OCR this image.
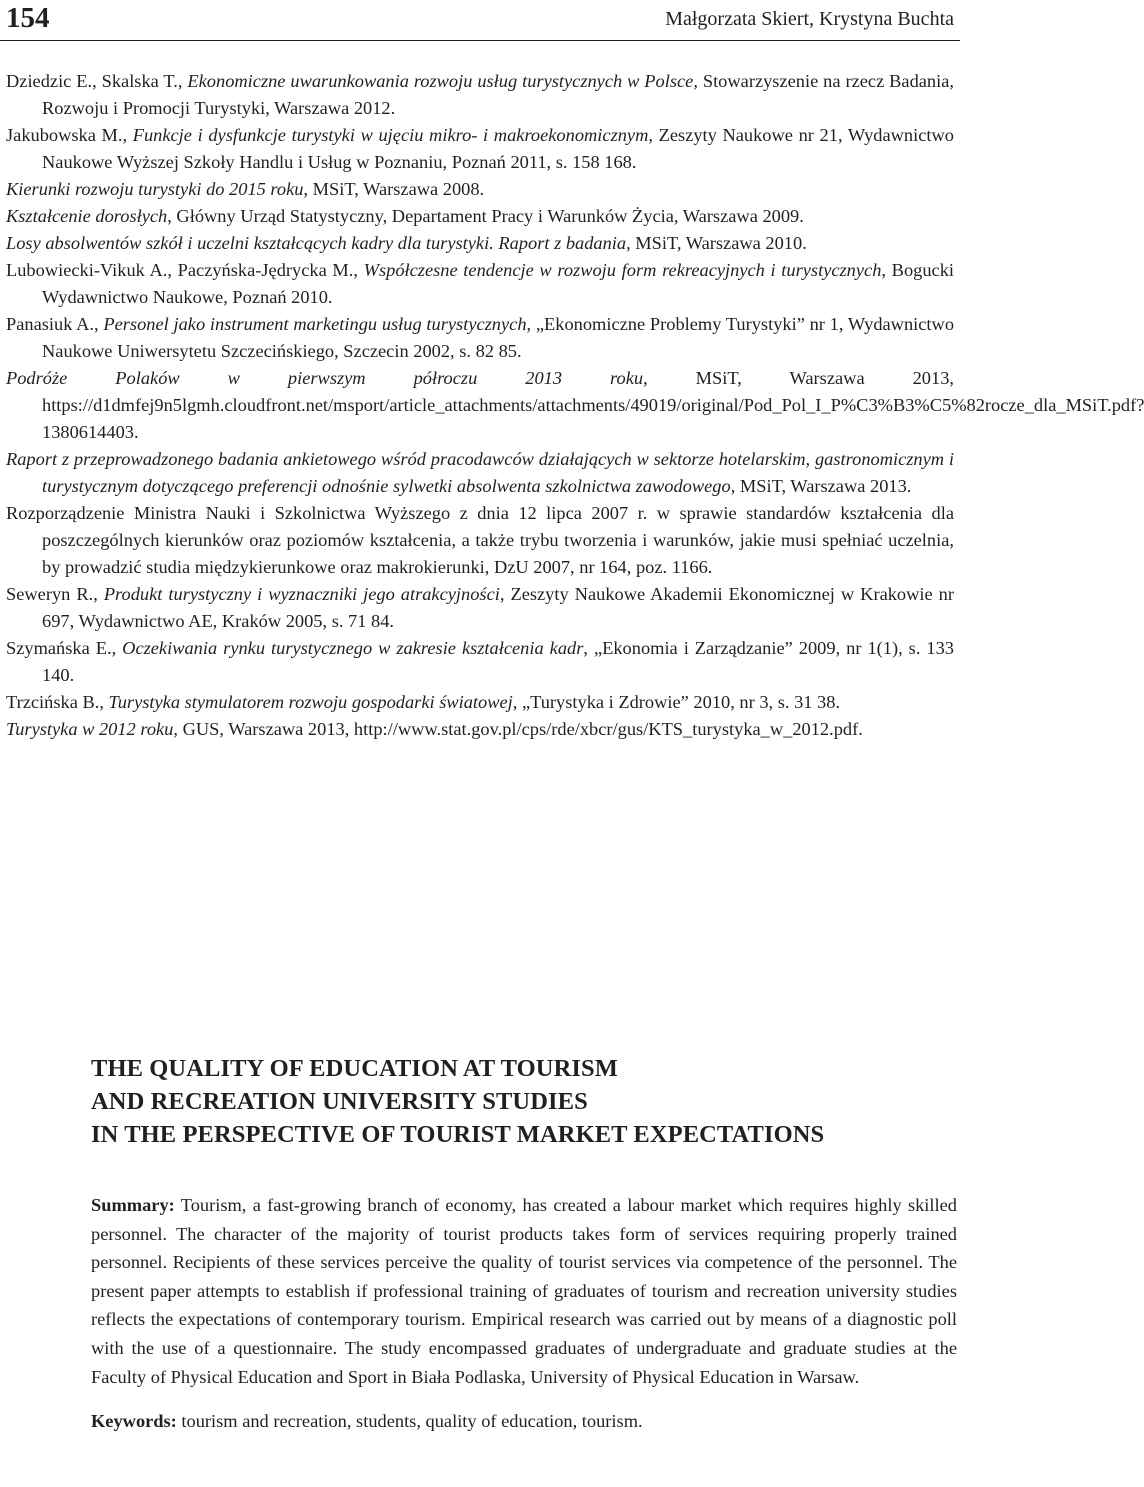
154	Małgorzata Skiert, Krystyna Buchta

Dziedzic E., Skalska T., Ekonomiczne uwarunkowania rozwoju usług turystycznych w Polsce, Stowarzyszenie na rzecz Badania, Rozwoju i Promocji Turystyki, Warszawa 2012.

Jakubowska M., Funkcje i dysfunkcje turystyki w ujęciu mikro- i makroekonomicznym, Zeszyty Naukowe nr 21, Wydawnictwo Naukowe Wyższej Szkoły Handlu i Usług w Poznaniu, Poznań 2011, s. 158 168.

Kierunki rozwoju turystyki do 2015 roku, MSiT, Warszawa 2008.

Kształcenie dorosłych, Główny Urząd Statystyczny, Departament Pracy i Warunków Życia, Warszawa 2009.

Losy absolwentów szkół i uczelni kształcących kadry dla turystyki. Raport z badania, MSiT, Warszawa 2010.

Lubowiecki-Vikuk A., Paczyńska-Jędrycka M., Współczesne tendencje w rozwoju form rekreacyjnych i turystycznych, Bogucki Wydawnictwo Naukowe, Poznań 2010.

Panasiuk A., Personel jako instrument marketingu usług turystycznych, „Ekonomiczne Problemy Turystyki” nr 1, Wydawnictwo Naukowe Uniwersytetu Szczecińskiego, Szczecin 2002, s. 82 85.

Podróże Polaków w pierwszym półroczu 2013 roku, MSiT, Warszawa 2013, https://d1dmfej9n5lgmh.cloudfront.net/msport/article_attachments/attachments/49019/original/Pod_Pol_I_P%C3%B3%C5%82rocze_dla_MSiT.pdf?1380614403.

Raport z przeprowadzonego badania ankietowego wśród pracodawców działających w sektorze hotelarskim, gastronomicznym i turystycznym dotyczącego preferencji odnośnie sylwetki absolwenta szkolnictwa zawodowego, MSiT, Warszawa 2013.

Rozporządzenie Ministra Nauki i Szkolnictwa Wyższego z dnia 12 lipca 2007 r. w sprawie standardów kształcenia dla poszczególnych kierunków oraz poziomów kształcenia, a także trybu tworzenia i warunków, jakie musi spełniać uczelnia, by prowadzić studia międzykierunkowe oraz makrokierunki, DzU 2007, nr 164, poz. 1166.

Seweryn R., Produkt turystyczny i wyznaczniki jego atrakcyjności, Zeszyty Naukowe Akademii Ekonomicznej w Krakowie nr 697, Wydawnictwo AE, Kraków 2005, s. 71 84.

Szymańska E., Oczekiwania rynku turystycznego w zakresie kształcenia kadr, „Ekonomia i Zarządzanie” 2009, nr 1(1), s. 133 140.

Trzcińska B., Turystyka stymulatorem rozwoju gospodarki światowej, „Turystyka i Zdrowie” 2010, nr 3, s. 31 38.

Turystyka w 2012 roku, GUS, Warszawa 2013, http://www.stat.gov.pl/cps/rde/xbcr/gus/KTS_turystyka_w_2012.pdf.

THE QUALITY OF EDUCATION AT TOURISM
AND RECREATION UNIVERSITY STUDIES
IN THE PERSPECTIVE OF TOURIST MARKET EXPECTATIONS

Summary: Tourism, a fast-growing branch of economy, has created a labour market which requires highly skilled personnel. The character of the majority of tourist products takes form of services requiring properly trained personnel. Recipients of these services perceive the quality of tourist services via competence of the personnel. The present paper attempts to establish if professional training of graduates of tourism and recreation university studies reflects the expectations of contemporary tourism. Empirical research was carried out by means of a diagnostic poll with the use of a questionnaire. The study encompassed graduates of undergraduate and graduate studies at the Faculty of Physical Education and Sport in Biała Podlaska, University of Physical Education in Warsaw.

Keywords: tourism and recreation, students, quality of education, tourism.
